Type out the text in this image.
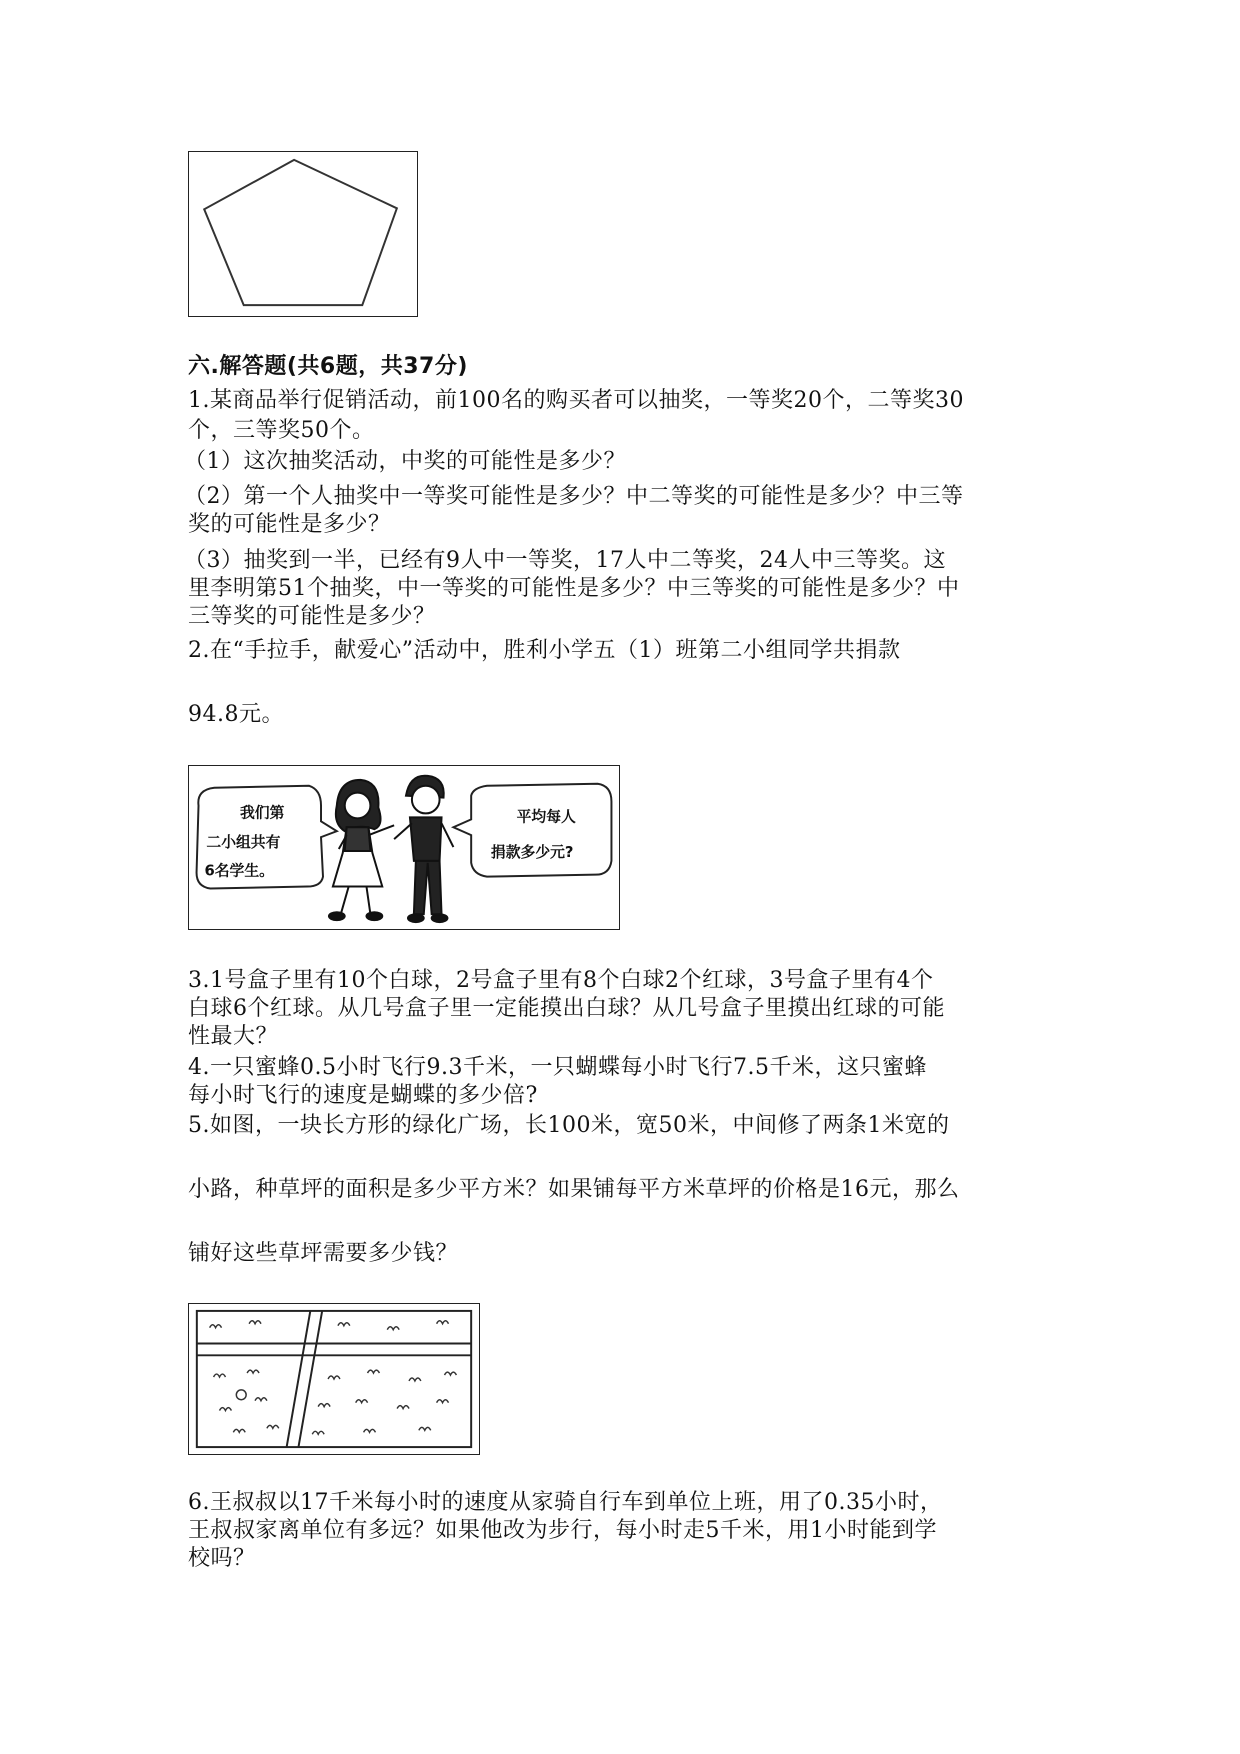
六.解答题(共6题，共37分)
1.某商品举行促销活动，前100名的购买者可以抽奖，一等奖20个，二等奖30
个，三等奖50个。
（1）这次抽奖活动，中奖的可能性是多少？
（2）第一个人抽奖中一等奖可能性是多少？中二等奖的可能性是多少？中三等
奖的可能性是多少？
（3）抽奖到一半，已经有9人中一等奖，17人中二等奖，24人中三等奖。这
里李明第51个抽奖，中一等奖的可能性是多少？中三等奖的可能性是多少？中
三等奖的可能性是多少？
2.在“手拉手，献爱心”活动中，胜利小学五（1）班第二小组同学共捐款
94.8元。
我们第
二小组共有
6名学生。
平均每人
捐款多少元?
3.1号盒子里有10个白球，2号盒子里有8个白球2个红球，3号盒子里有4个
白球6个红球。从几号盒子里一定能摸出白球？从几号盒子里摸出红球的可能
性最大？
4.一只蜜蜂0.5小时飞行9.3千米，一只蝴蝶每小时飞行7.5千米，这只蜜蜂
每小时飞行的速度是蝴蝶的多少倍?
5.如图，一块长方形的绿化广场，长100米，宽50米，中间修了两条1米宽的
小路，种草坪的面积是多少平方米？如果铺每平方米草坪的价格是16元，那么
铺好这些草坪需要多少钱？
6.王叔叔以17千米每小时的速度从家骑自行车到单位上班，用了0.35小时，
王叔叔家离单位有多远？如果他改为步行，每小时走5千米，用1小时能到学
校吗？
